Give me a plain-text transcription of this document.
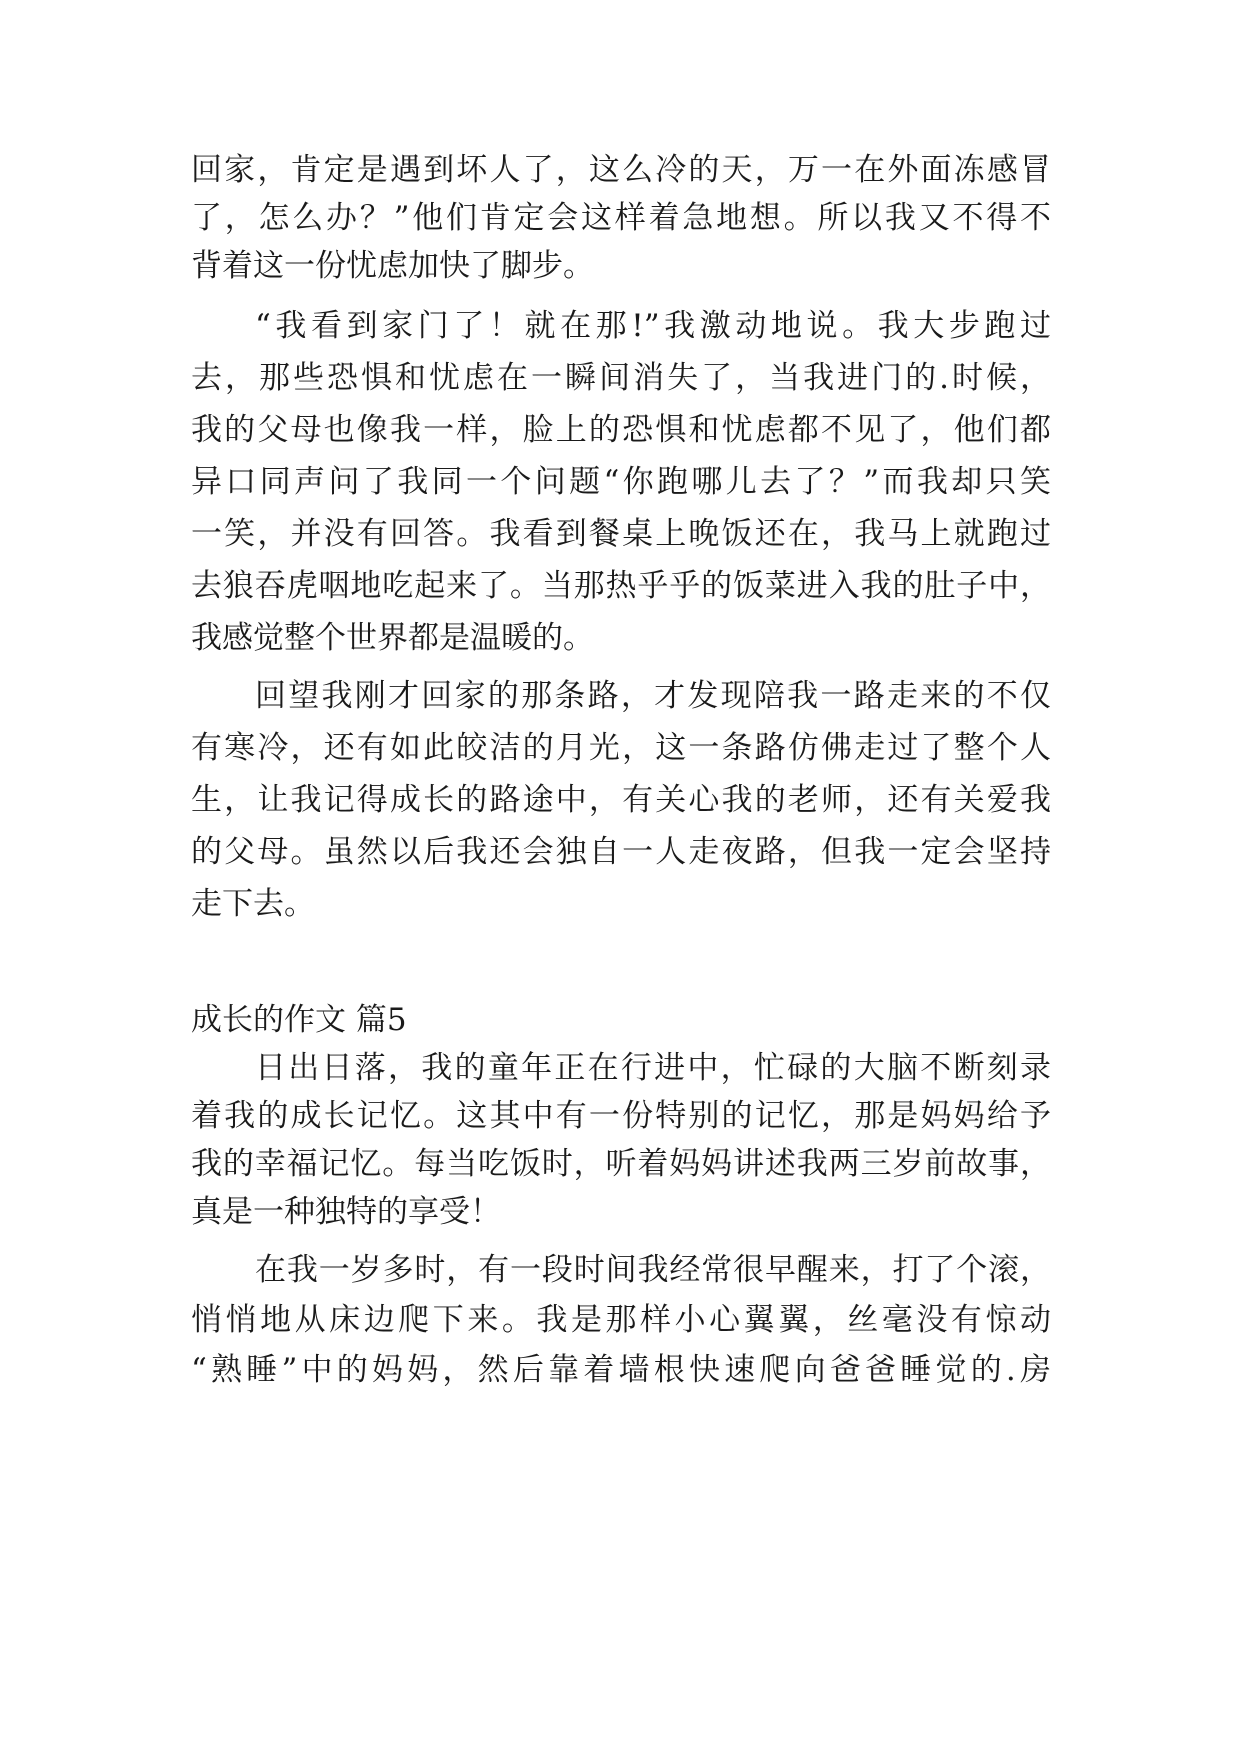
回家，肯定是遇到坏人了，这么冷的天，万一在外面冻感冒
了，怎么办？”他们肯定会这样着急地想。所以我又不得不
背着这一份忧虑加快了脚步。
“我看到家门了！就在那!”我激动地说。我大步跑过
去，那些恐惧和忧虑在一瞬间消失了，当我进门的.时候，
我的父母也像我一样，脸上的恐惧和忧虑都不见了，他们都
异口同声问了我同一个问题“你跑哪儿去了？”而我却只笑
一笑，并没有回答。我看到餐桌上晚饭还在，我马上就跑过
去狼吞虎咽地吃起来了。当那热乎乎的饭菜进入我的肚子中，
我感觉整个世界都是温暖的。
回望我刚才回家的那条路，才发现陪我一路走来的不仅
有寒冷，还有如此皎洁的月光，这一条路仿佛走过了整个人
生，让我记得成长的路途中，有关心我的老师，还有关爱我
的父母。虽然以后我还会独自一人走夜路，但我一定会坚持
走下去。
成长的作文 篇5
日出日落，我的童年正在行进中，忙碌的大脑不断刻录
着我的成长记忆。这其中有一份特别的记忆，那是妈妈给予
我的幸福记忆。每当吃饭时，听着妈妈讲述我两三岁前故事，
真是一种独特的享受！
在我一岁多时，有一段时间我经常很早醒来，打了个滚，
悄悄地从床边爬下来。我是那样小心翼翼，丝毫没有惊动
“熟睡”中的妈妈，然后靠着墙根快速爬向爸爸睡觉的.房
